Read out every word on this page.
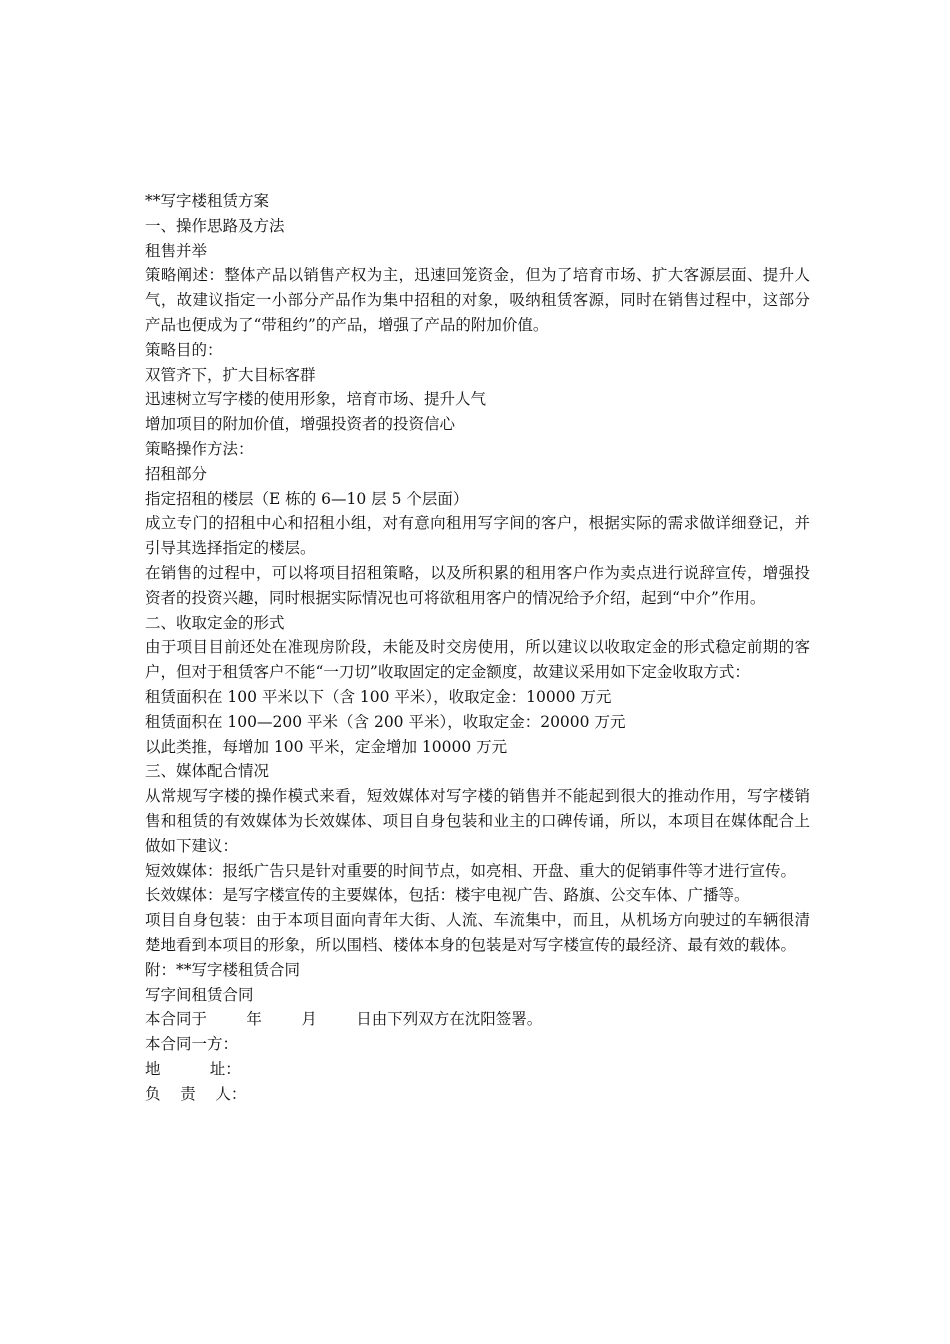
**写字楼租赁方案
一、操作思路及方法
租售并举
策略阐述：整体产品以销售产权为主，迅速回笼资金，但为了培育市场、扩大客源层面、提升人气，故建议指定一小部分产品作为集中招租的对象，吸纳租赁客源，同时在销售过程中，这部分产品也便成为了“带租约”的产品，增强了产品的附加价值。
策略目的：
双管齐下，扩大目标客群
迅速树立写字楼的使用形象，培育市场、提升人气
增加项目的附加价值，增强投资者的投资信心
策略操作方法：
招租部分
指定招租的楼层（E 栋的 6—10 层 5 个层面）
成立专门的招租中心和招租小组，对有意向租用写字间的客户，根据实际的需求做详细登记，并引导其选择指定的楼层。
在销售的过程中，可以将项目招租策略，以及所积累的租用客户作为卖点进行说辞宣传，增强投资者的投资兴趣，同时根据实际情况也可将欲租用客户的情况给予介绍，起到“中介”作用。
二、收取定金的形式
由于项目目前还处在准现房阶段，未能及时交房使用，所以建议以收取定金的形式稳定前期的客户，但对于租赁客户不能“一刀切”收取固定的定金额度，故建议采用如下定金收取方式：
租赁面积在 100 平米以下（含 100 平米），收取定金：10000 万元
租赁面积在 100—200 平米（含 200 平米），收取定金：20000 万元
以此类推，每增加 100 平米，定金增加 10000 万元
三、媒体配合情况
从常规写字楼的操作模式来看，短效媒体对写字楼的销售并不能起到很大的推动作用，写字楼销售和租赁的有效媒体为长效媒体、项目自身包装和业主的口碑传诵，所以，本项目在媒体配合上做如下建议：
短效媒体：报纸广告只是针对重要的时间节点，如亮相、开盘、重大的促销事件等才进行宣传。
长效媒体：是写字楼宣传的主要媒体，包括：楼宇电视广告、路旗、公交车体、广播等。
项目自身包装：由于本项目面向青年大街、人流、车流集中，而且，从机场方向驶过的车辆很清楚地看到本项目的形象，所以围档、楼体本身的包装是对写字楼宣传的最经济、最有效的载体。
附：**写字楼租赁合同
写字间租赁合同
本合同于        年        月        日由下列双方在沈阳签署。
本合同一方：
地          址：
负    责    人：
